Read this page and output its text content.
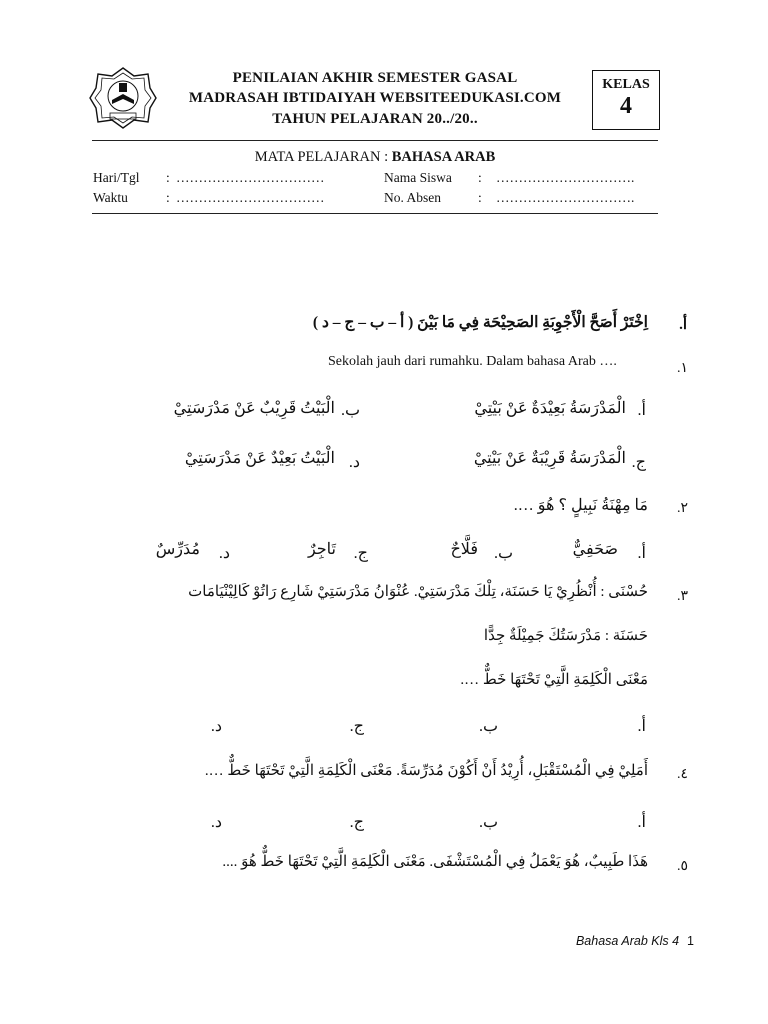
PENILAIAN AKHIR SEMESTER GASAL
MADRASAH IBTIDAIYAH WEBSITEEDUKASI.COM
TAHUN PELAJARAN 20../20..
KELAS
4
MATA PELAJARAN : BAHASA ARAB
Hari/Tgl : ……………………………	Nama Siswa : ………………………….
Waktu	: ……………………………	No. Absen	: ………………………….
أ.
اِخْتَرْ أَصَحَّ الْأَجْوِبَةِ الصَحِيْحَة فِي مَا بَيْنَ ( أ – ب – ج – د )
.١
Sekolah jauh dari rumahku. Dalam bahasa Arab ….
أ.
الْمَدْرَسَةُ بَعِيْدَةٌ عَنْ بَيْتِيْ
ب.
الْبَيْتُ قَرِيْبٌ عَنْ مَدْرَسَتِيْ
ج.
الْمَدْرَسَةُ قَرِيْبَةٌ عَنْ بَيْتِيْ
د.
الْبَيْتُ بَعِيْدٌ عَنْ مَدْرَسَتِيْ
.٢
مَا مِهْنَةُ نَبِيلٍ ؟ هُوَ ….
أ.
صَحَفِيٌّ
ب.
فَلَّاحٌ
ج.
تَاجِرٌ
د.
مُدَرِّسٌ
.٣
حُسْنَى : أُنْظُرِيْ يَا حَسَنَة، تِلْكَ مَدْرَسَتِيْ. عُنْوَانُ مَدْرَسَتِيْ شَارِع رَاتُوْ كَالِيْنْيَامَات
حَسَنَة : مَدْرَسَتُكَ جَمِيْلَةٌ جِدًّا
مَعْنَى الْكَلِمَةِ الَّتِيْ تَحْتَهَا خَطٌّ ….
أ.
ب.
ج.
د.
.٤
أَمَلِيْ فِي الْمُسْتَقْبَلِ، أُرِيْدُ أَنْ أَكُوْنَ مُدَرِّسَةً. مَعْنَى الْكَلِمَةِ الَّتِيْ تَحْتَهَا خَطٌّ ….
أ.
ب.
ج.
د.
.٥
هَذَا طَبِيبٌ، هُوَ يَعْمَلُ فِي الْمُسْتَشْفَى. مَعْنَى الْكَلِمَةِ الَّتِيْ تَحْتَهَا خَطٌّ هُوَ ....
Bahasa Arab Kls 4 1
